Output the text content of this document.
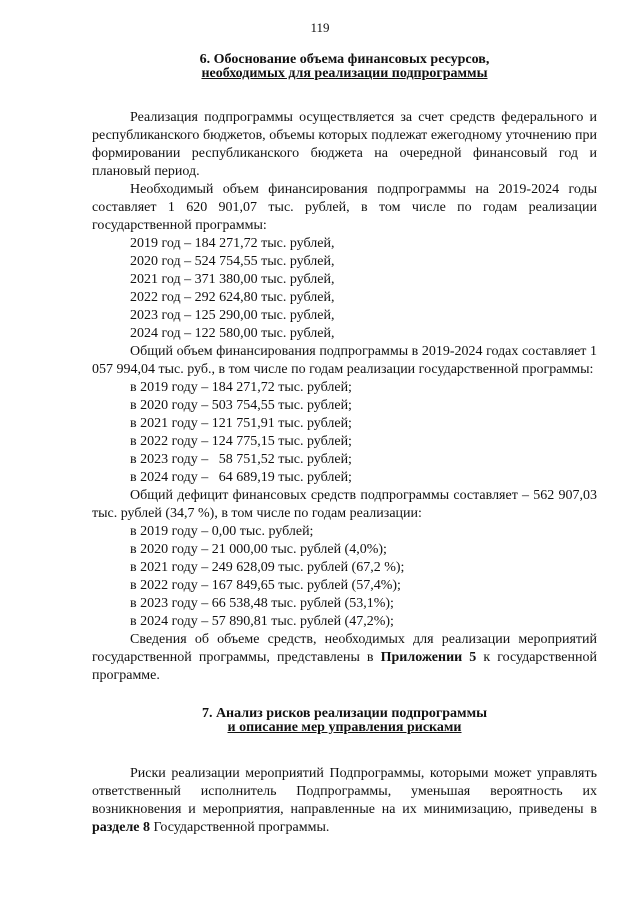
119
6. Обоснование объема финансовых ресурсов,
необходимых для реализации подпрограммы

Реализация подпрограммы осуществляется за счет средств федерального и республиканского бюджетов, объемы которых подлежат ежегодному уточнению при формировании республиканского бюджета на очередной финансовый год и плановый период.

Необходимый объем финансирования подпрограммы на 2019-2024 годы составляет 1 620 901,07 тыс. рублей, в том числе по годам реализации государственной программы:

2019 год – 184 271,72 тыс. рублей,
2020 год – 524 754,55 тыс. рублей,
2021 год – 371 380,00 тыс. рублей,
2022 год – 292 624,80 тыс. рублей,
2023 год – 125 290,00 тыс. рублей,
2024 год – 122 580,00 тыс. рублей,

Общий объем финансирования подпрограммы в 2019-2024 годах составляет 1 057 994,04 тыс. руб., в том числе по годам реализации государственной программы:

в 2019 году – 184 271,72 тыс. рублей;
в 2020 году – 503 754,55 тыс. рублей;
в 2021 году – 121 751,91 тыс. рублей;
в 2022 году – 124 775,15 тыс. рублей;
в 2023 году –   58 751,52 тыс. рублей;
в 2024 году –   64 689,19 тыс. рублей;

Общий дефицит финансовых средств подпрограммы составляет – 562 907,03 тыс. рублей (34,7 %), в том числе по годам реализации:

в 2019 году – 0,00 тыс. рублей;
в 2020 году – 21 000,00 тыс. рублей (4,0%);
в 2021 году – 249 628,09 тыс. рублей (67,2 %);
в 2022 году – 167 849,65 тыс. рублей (57,4%);
в 2023 году – 66 538,48 тыс. рублей (53,1%);
в 2024 году – 57 890,81 тыс. рублей (47,2%);

Сведения об объеме средств, необходимых для реализации мероприятий государственной программы, представлены в Приложении 5 к государственной программе.

7. Анализ рисков реализации подпрограммы
и описание мер управления рисками

Риски реализации мероприятий Подпрограммы, которыми может управлять ответственный исполнитель Подпрограммы, уменьшая вероятность их возникновения и мероприятия, направленные на их минимизацию, приведены в разделе 8 Государственной программы.
